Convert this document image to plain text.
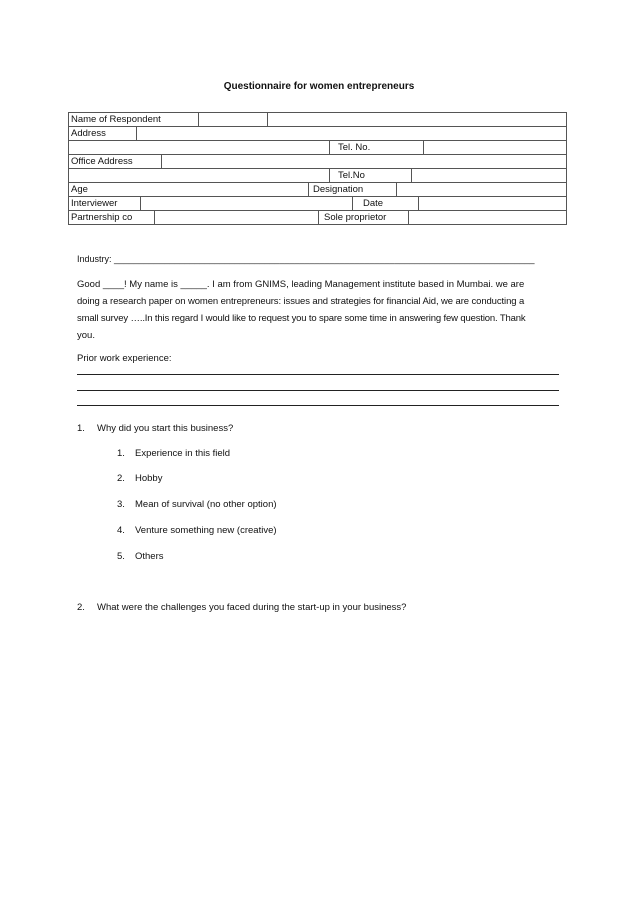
Questionnaire for women entrepreneurs
Name of Respondent
Address
Tel. No.
Office Address
Tel.No
Age	Designation
Interviewer	Date
Partnership co	Sole proprietor
Industry: ____________________________________________________________________________________
Good ____! My name is _____. I am from GNIMS, leading Management institute based in Mumbai. we are
doing a research paper on women entrepreneurs: issues and strategies for financial Aid, we are conducting a
small survey …..In this regard I would like to request you to spare some time in answering few question. Thank
you.
Prior work experience:
1. Why did you start this business?
1. Experience in this field
2. Hobby
3. Mean of survival (no other option)
4. Venture something new (creative)
5. Others
2. What were the challenges you faced during the start-up in your business?
